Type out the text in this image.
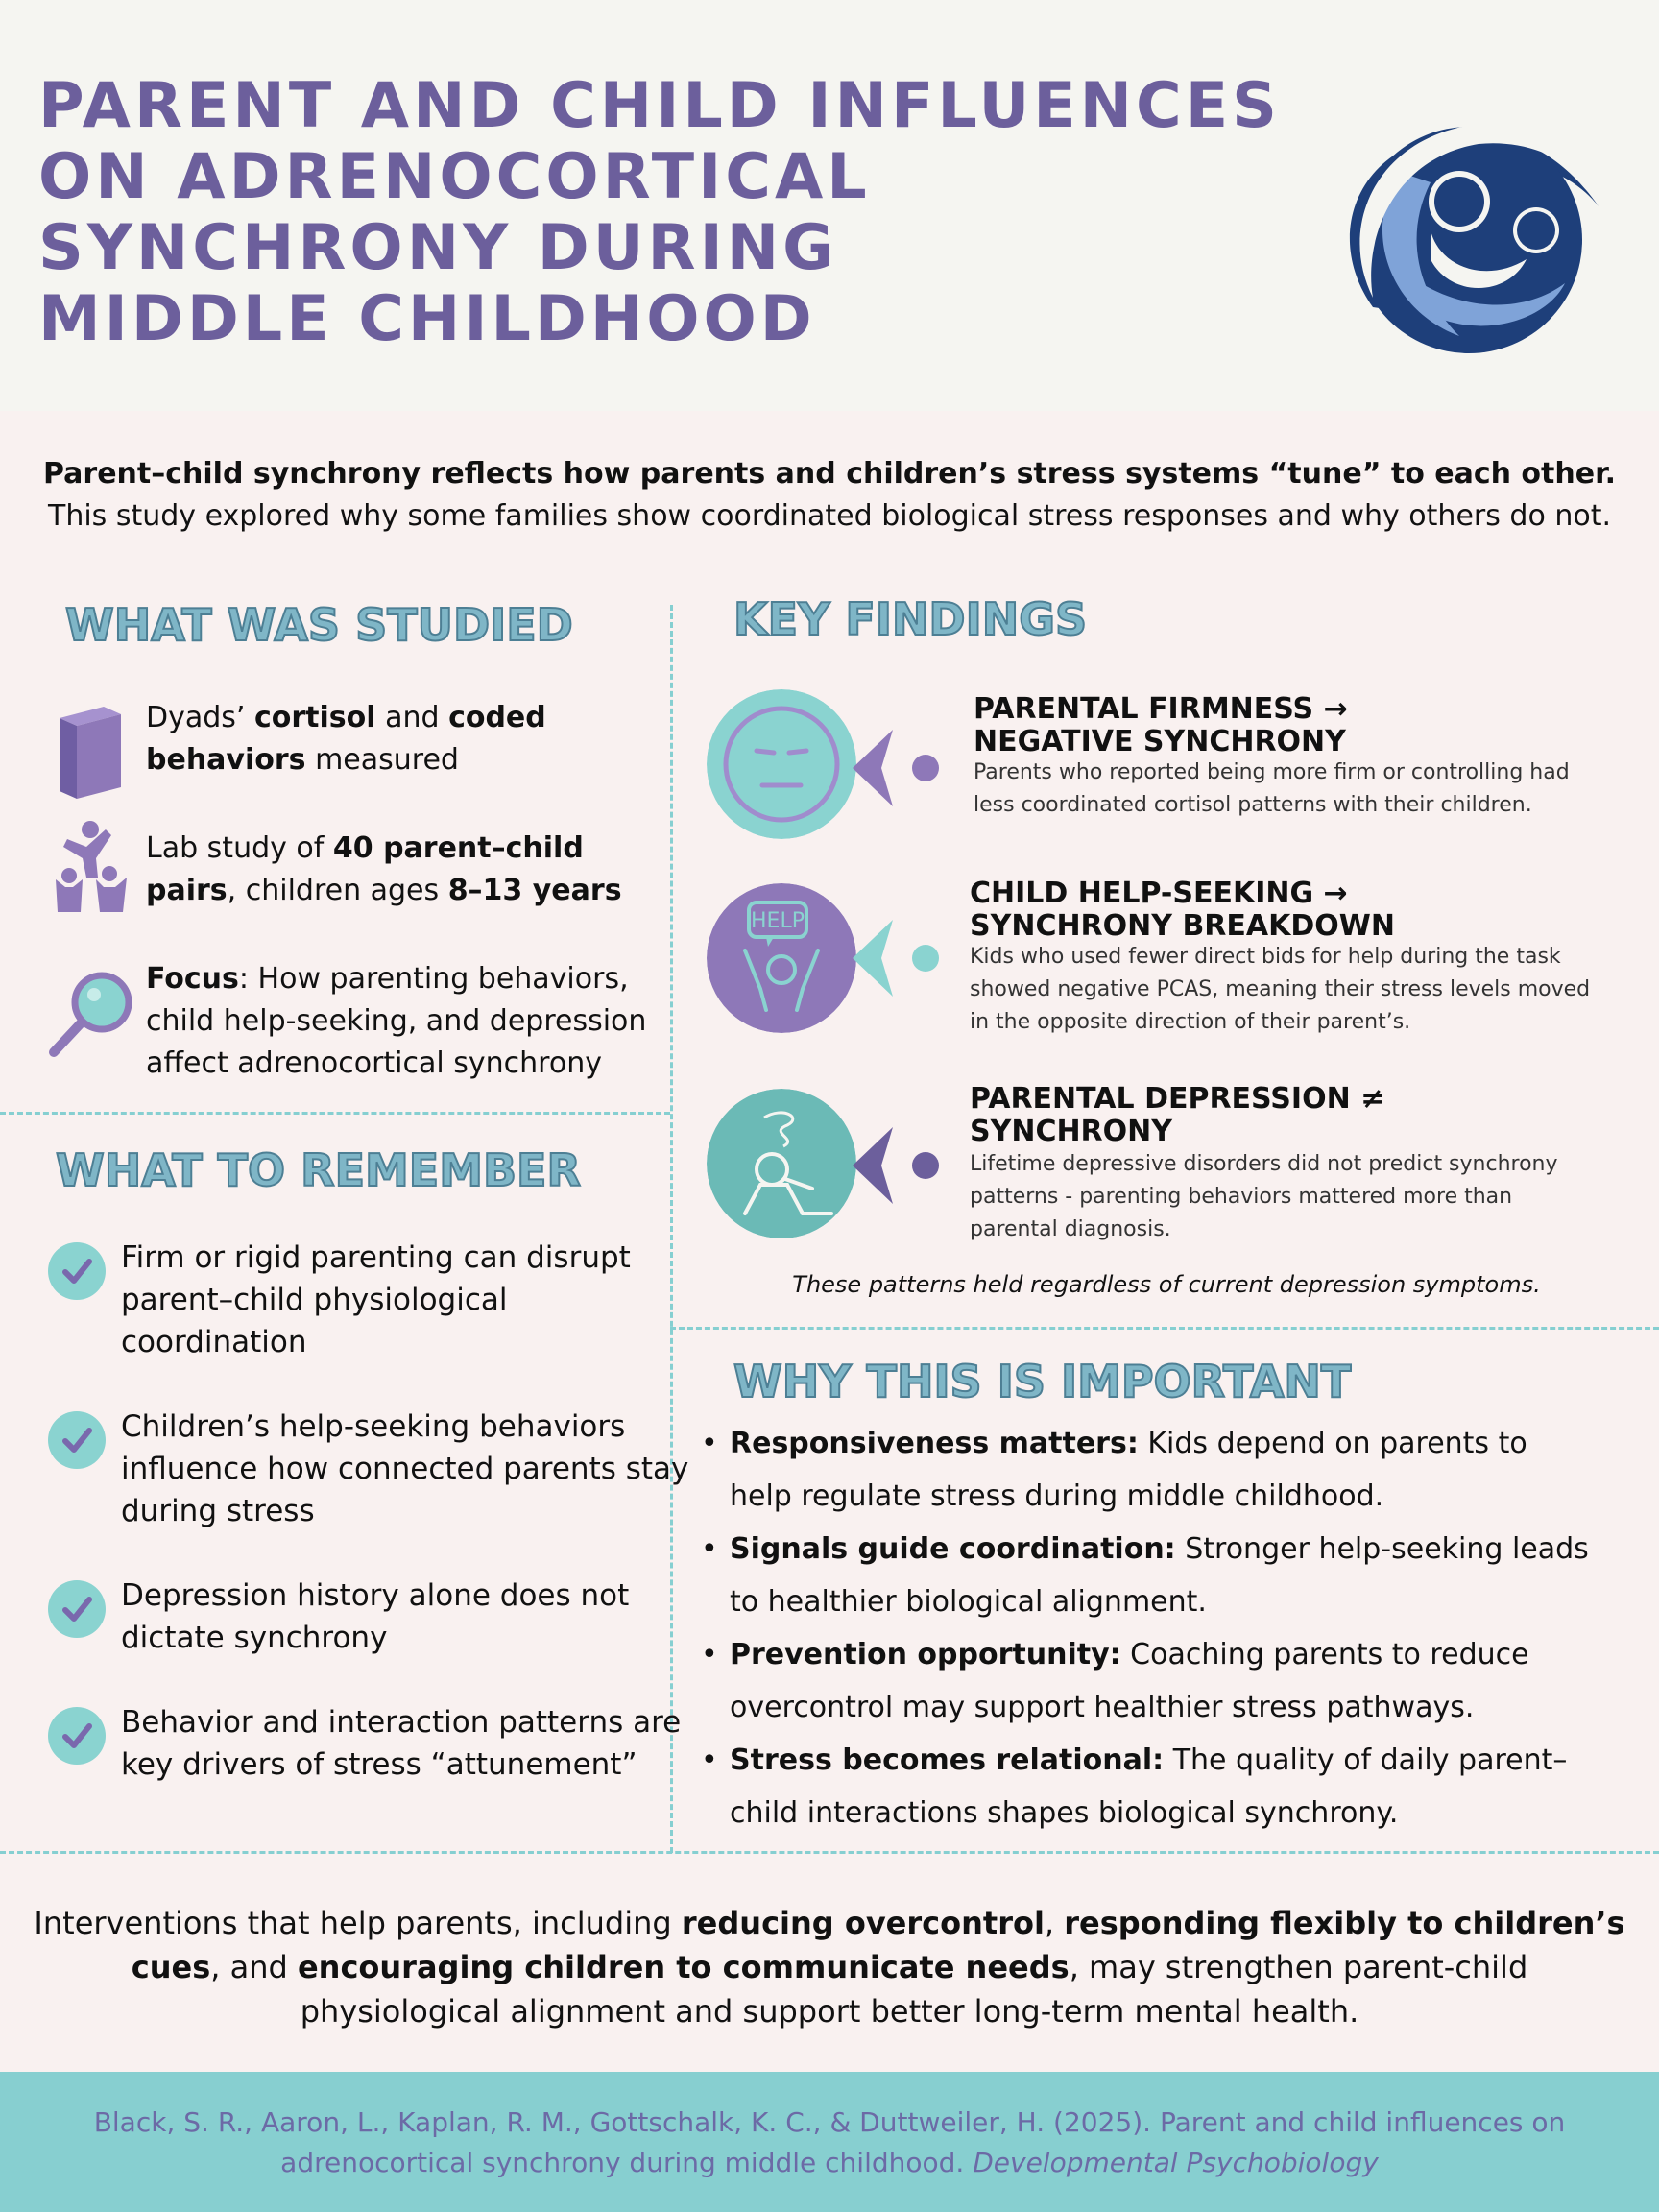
PARENT AND CHILD INFLUENCES
ON ADRENOCORTICAL
SYNCHRONY DURING
MIDDLE CHILDHOOD
Parent–child synchrony reflects how parents and children’s stress systems “tune” to each other.
This study explored why some families show coordinated biological stress responses and why others do not.
WHAT WAS STUDIED
Dyads’ cortisol and coded behaviors measured
Lab study of 40 parent–child pairs, children ages 8–13 years
Focus: How parenting behaviors, child help-seeking, and depression affect adrenocortical synchrony
WHAT TO REMEMBER
Firm or rigid parenting can disrupt parent–child physiological coordination
Children’s help-seeking behaviors influence how connected parents stay during stress
Depression history alone does not dictate synchrony
Behavior and interaction patterns are key drivers of stress “attunement”
KEY FINDINGS
PARENTAL FIRMNESS →
NEGATIVE SYNCHRONY
Parents who reported being more firm or controlling had less coordinated cortisol patterns with their children.
HELP
CHILD HELP-SEEKING →
SYNCHRONY BREAKDOWN
Kids who used fewer direct bids for help during the task showed negative PCAS, meaning their stress levels moved in the opposite direction of their parent’s.
PARENTAL DEPRESSION ≠
SYNCHRONY
Lifetime depressive disorders did not predict synchrony patterns - parenting behaviors mattered more than parental diagnosis.
These patterns held regardless of current depression symptoms.
WHY THIS IS IMPORTANT
• Responsiveness matters: Kids depend on parents to help regulate stress during middle childhood.
• Signals guide coordination: Stronger help-seeking leads to healthier biological alignment.
• Prevention opportunity: Coaching parents to reduce overcontrol may support healthier stress pathways.
• Stress becomes relational: The quality of daily parent–child interactions shapes biological synchrony.
Interventions that help parents, including reducing overcontrol, responding flexibly to children’s cues, and encouraging children to communicate needs, may strengthen parent-child physiological alignment and support better long-term mental health.
Black, S. R., Aaron, L., Kaplan, R. M., Gottschalk, K. C., & Duttweiler, H. (2025). Parent and child influences on adrenocortical synchrony during middle childhood. Developmental Psychobiology
